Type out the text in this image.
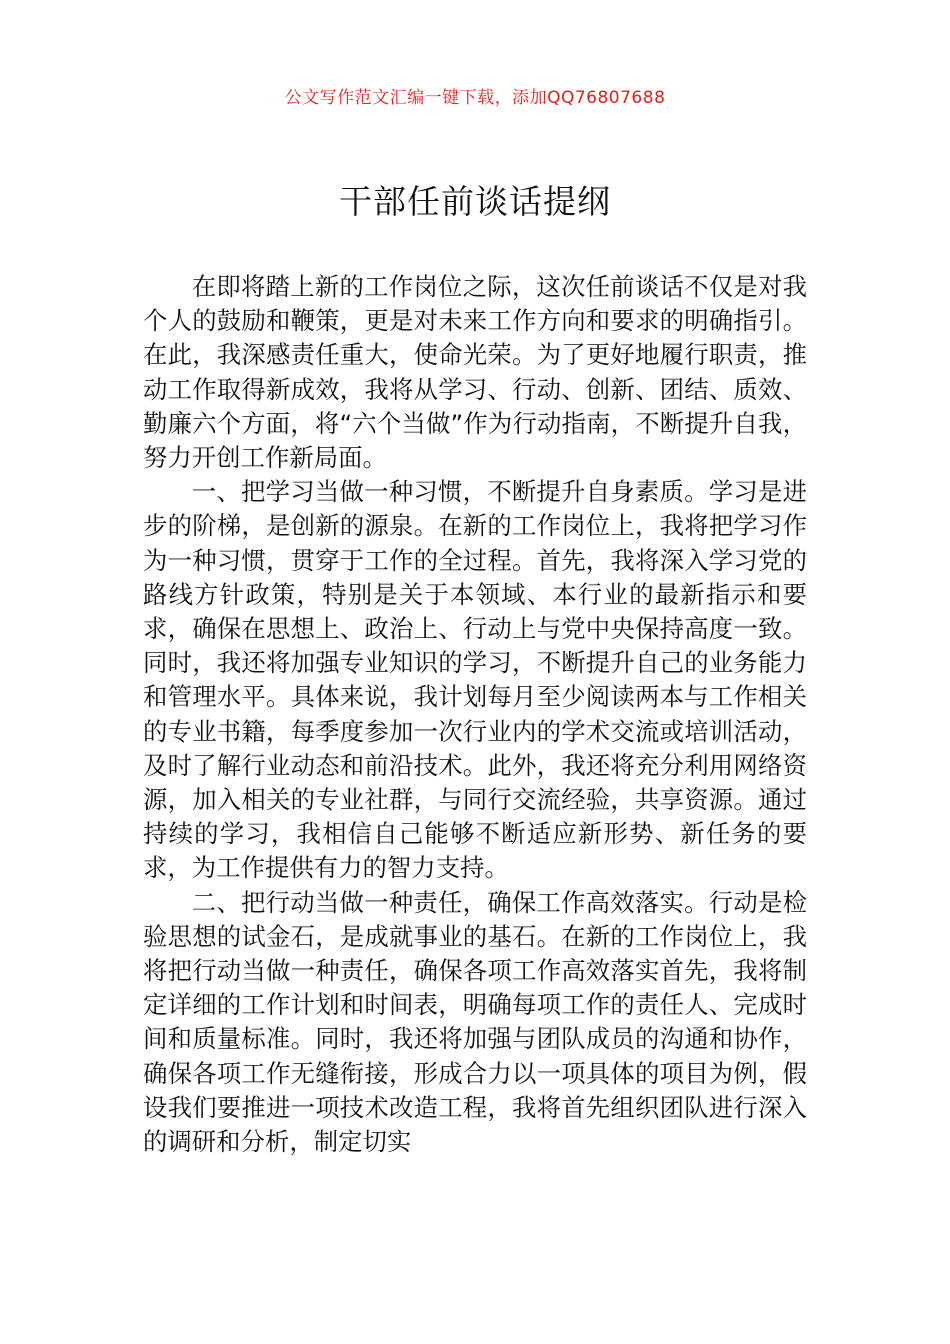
公文写作范文汇编一键下载，添加QQ76807688
干部任前谈话提纲

在即将踏上新的工作岗位之际，这次任前谈话不仅是对我个人的鼓励和鞭策，更是对未来工作方向和要求的明确指引。在此，我深感责任重大，使命光荣。为了更好地履行职责，推动工作取得新成效，我将从学习、行动、创新、团结、质效、勤廉六个方面，将“六个当做”作为行动指南，不断提升自我，努力开创工作新局面。

一、把学习当做一种习惯，不断提升自身素质。学习是进步的阶梯，是创新的源泉。在新的工作岗位上，我将把学习作为一种习惯，贯穿于工作的全过程。首先，我将深入学习党的路线方针政策，特别是关于本领域、本行业的最新指示和要求，确保在思想上、政治上、行动上与党中央保持高度一致。同时，我还将加强专业知识的学习，不断提升自己的业务能力和管理水平。具体来说，我计划每月至少阅读两本与工作相关的专业书籍，每季度参加一次行业内的学术交流或培训活动，及时了解行业动态和前沿技术。此外，我还将充分利用网络资源，加入相关的专业社群，与同行交流经验，共享资源。通过持续的学习，我相信自己能够不断适应新形势、新任务的要求，为工作提供有力的智力支持。

二、把行动当做一种责任，确保工作高效落实。行动是检验思想的试金石，是成就事业的基石。在新的工作岗位上，我将把行动当做一种责任，确保各项工作高效落实首先，我将制定详细的工作计划和时间表，明确每项工作的责任人、完成时间和质量标准。同时，我还将加强与团队成员的沟通和协作，确保各项工作无缝衔接，形成合力以一项具体的项目为例，假设我们要推进一项技术改造工程，我将首先组织团队进行深入的调研和分析，制定切实
